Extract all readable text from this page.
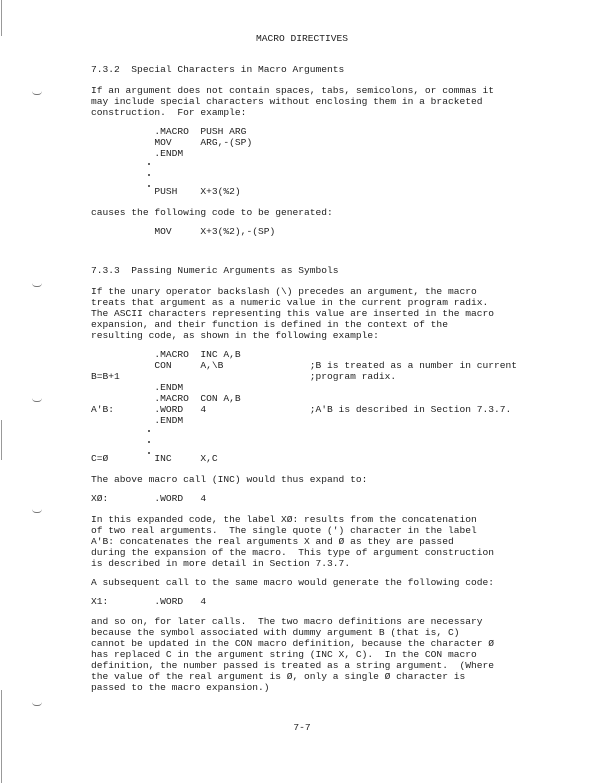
MACRO DIRECTIVES
7.3.2  Special Characters in Macro Arguments
If an argument does not contain spaces, tabs, semicolons, or commas it
may include special characters without enclosing them in a bracketed
construction.  For example:
.MACRO  PUSH ARG
MOV     ARG,-(SP)
.ENDM
PUSH    X+3(%2)
causes the following code to be generated:
MOV     X+3(%2),-(SP)
7.3.3  Passing Numeric Arguments as Symbols
If the unary operator backslash (\) precedes an argument, the macro
treats that argument as a numeric value in the current program radix.
The ASCII characters representing this value are inserted in the macro
expansion, and their function is defined in the context of the
resulting code, as shown in the following example:
.MACRO  INC A,B
CON     A,\B               ;B is treated as a number in current
B=B+1                                 ;program radix.
.ENDM
.MACRO  CON A,B
A'B:       .WORD   4                  ;A'B is described in Section 7.3.7.
.ENDM
C=Ø        INC     X,C
The above macro call (INC) would thus expand to:
XØ:        .WORD   4
In this expanded code, the label XØ: results from the concatenation
of two real arguments.  The single quote (') character in the label
A'B: concatenates the real arguments X and Ø as they are passed
during the expansion of the macro.  This type of argument construction
is described in more detail in Section 7.3.7.
A subsequent call to the same macro would generate the following code:
X1:        .WORD   4
and so on, for later calls.  The two macro definitions are necessary
because the symbol associated with dummy argument B (that is, C)
cannot be updated in the CON macro definition, because the character Ø
has replaced C in the argument string (INC X, C).  In the CON macro
definition, the number passed is treated as a string argument.  (Where
the value of the real argument is Ø, only a single Ø character is
passed to the macro expansion.)
7-7
